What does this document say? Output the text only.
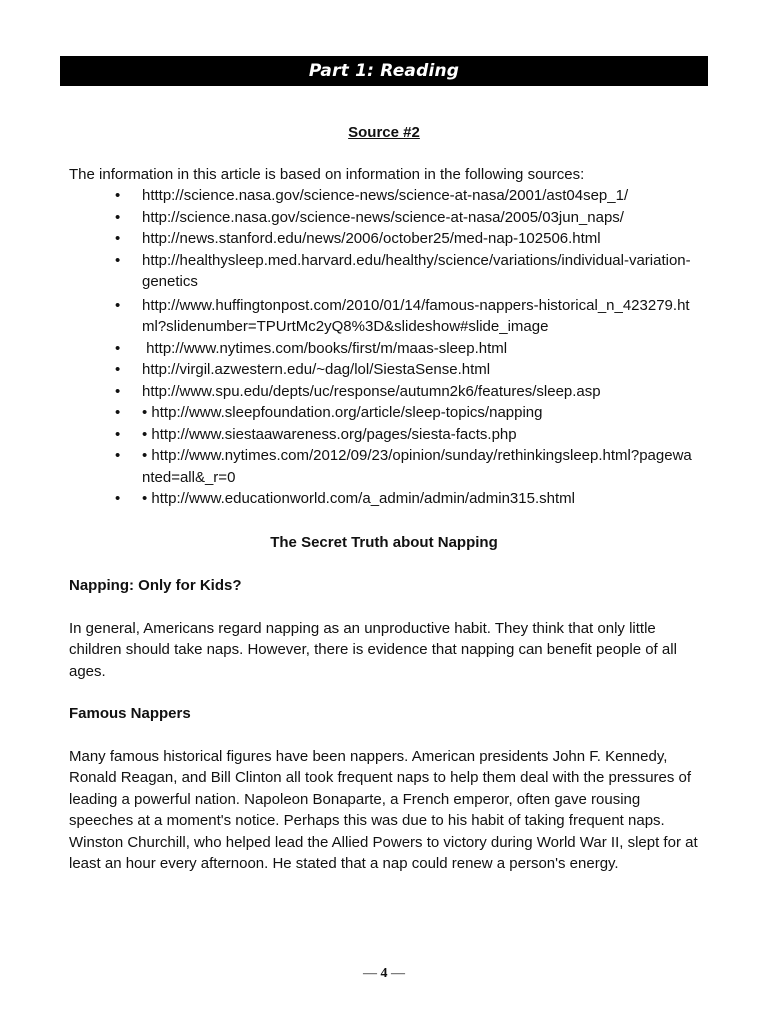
Part 1: Reading

Source #2

The information in this article is based on information in the following sources:

• htttp://science.nasa.gov/science-news/science-at-nasa/2001/ast04sep_1/
• http://science.nasa.gov/science-news/science-at-nasa/2005/03jun_naps/
• http://news.stanford.edu/news/2006/october25/med-nap-102506.html
• http://healthysleep.med.harvard.edu/healthy/science/variations/individual-variation-genetics
• http://www.huffingtonpost.com/2010/01/14/famous-nappers-historical_n_423279.html?slidenumber=TPUrtMc2yQ8%3D&slideshow#slide_image
• http://www.nytimes.com/books/first/m/maas-sleep.html
• http://virgil.azwestern.edu/~dag/lol/SiestaSense.html
• http://www.spu.edu/depts/uc/response/autumn2k6/features/sleep.asp
• • http://www.sleepfoundation.org/article/sleep-topics/napping
• • http://www.siestaawareness.org/pages/siesta-facts.php
• • http://www.nytimes.com/2012/09/23/opinion/sunday/rethinkingsleep.html?pagewanted=all&_r=0
• • http://www.educationworld.com/a_admin/admin/admin315.shtml

The Secret Truth about Napping

Napping: Only for Kids?

In general, Americans regard napping as an unproductive habit. They think that only little children should take naps. However, there is evidence that napping can benefit people of all ages.

Famous Nappers

Many famous historical figures have been nappers. American presidents John F. Kennedy, Ronald Reagan, and Bill Clinton all took frequent naps to help them deal with the pressures of leading a powerful nation. Napoleon Bonaparte, a French emperor, often gave rousing speeches at a moment's notice. Perhaps this was due to his habit of taking frequent naps. Winston Churchill, who helped lead the Allied Powers to victory during World War II, slept for at least an hour every afternoon. He stated that a nap could renew a person's energy.

— 4 —
